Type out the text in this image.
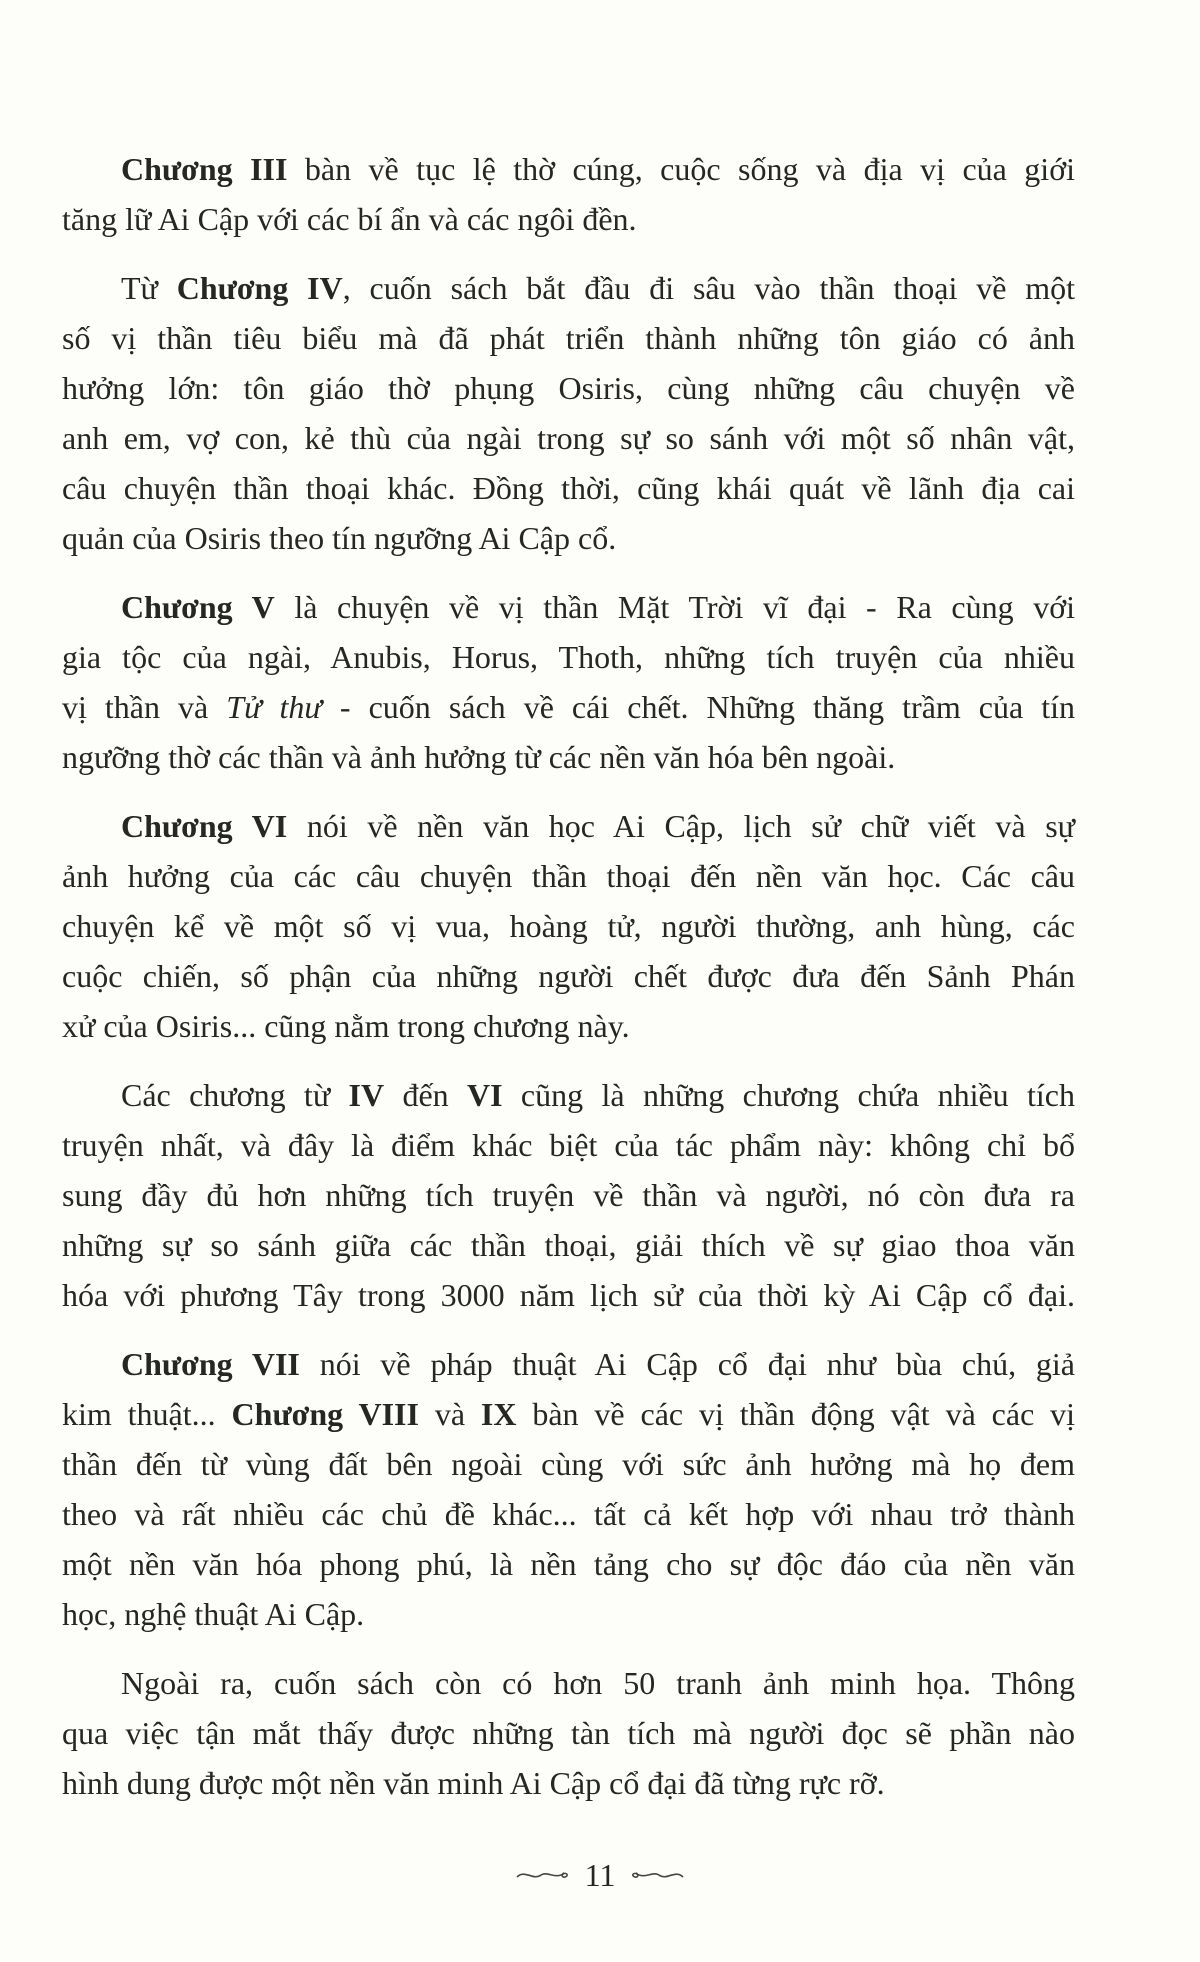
Chương III bàn về tục lệ thờ cúng, cuộc sống và địa vị của giới
tăng lữ Ai Cập với các bí ẩn và các ngôi đền.
Từ Chương IV, cuốn sách bắt đầu đi sâu vào thần thoại về một
số vị thần tiêu biểu mà đã phát triển thành những tôn giáo có ảnh
hưởng lớn: tôn giáo thờ phụng Osiris, cùng những câu chuyện về
anh em, vợ con, kẻ thù của ngài trong sự so sánh với một số nhân vật,
câu chuyện thần thoại khác. Đồng thời, cũng khái quát về lãnh địa cai
quản của Osiris theo tín ngưỡng Ai Cập cổ.
Chương V là chuyện về vị thần Mặt Trời vĩ đại - Ra cùng với
gia tộc của ngài, Anubis, Horus, Thoth, những tích truyện của nhiều
vị thần và Tử thư - cuốn sách về cái chết. Những thăng trầm của tín
ngưỡng thờ các thần và ảnh hưởng từ các nền văn hóa bên ngoài.
Chương VI nói về nền văn học Ai Cập, lịch sử chữ viết và sự
ảnh hưởng của các câu chuyện thần thoại đến nền văn học. Các câu
chuyện kể về một số vị vua, hoàng tử, người thường, anh hùng, các
cuộc chiến, số phận của những người chết được đưa đến Sảnh Phán
xử của Osiris... cũng nằm trong chương này.
Các chương từ IV đến VI cũng là những chương chứa nhiều tích
truyện nhất, và đây là điểm khác biệt của tác phẩm này: không chỉ bổ
sung đầy đủ hơn những tích truyện về thần và người, nó còn đưa ra
những sự so sánh giữa các thần thoại, giải thích về sự giao thoa văn
hóa với phương Tây trong 3000 năm lịch sử của thời kỳ Ai Cập cổ đại.
Chương VII nói về pháp thuật Ai Cập cổ đại như bùa chú, giả
kim thuật... Chương VIII và IX bàn về các vị thần động vật và các vị
thần đến từ vùng đất bên ngoài cùng với sức ảnh hưởng mà họ đem
theo và rất nhiều các chủ đề khác... tất cả kết hợp với nhau trở thành
một nền văn hóa phong phú, là nền tảng cho sự độc đáo của nền văn
học, nghệ thuật Ai Cập.
Ngoài ra, cuốn sách còn có hơn 50 tranh ảnh minh họa. Thông
qua việc tận mắt thấy được những tàn tích mà người đọc sẽ phần nào
hình dung được một nền văn minh Ai Cập cổ đại đã từng rực rỡ.
11
